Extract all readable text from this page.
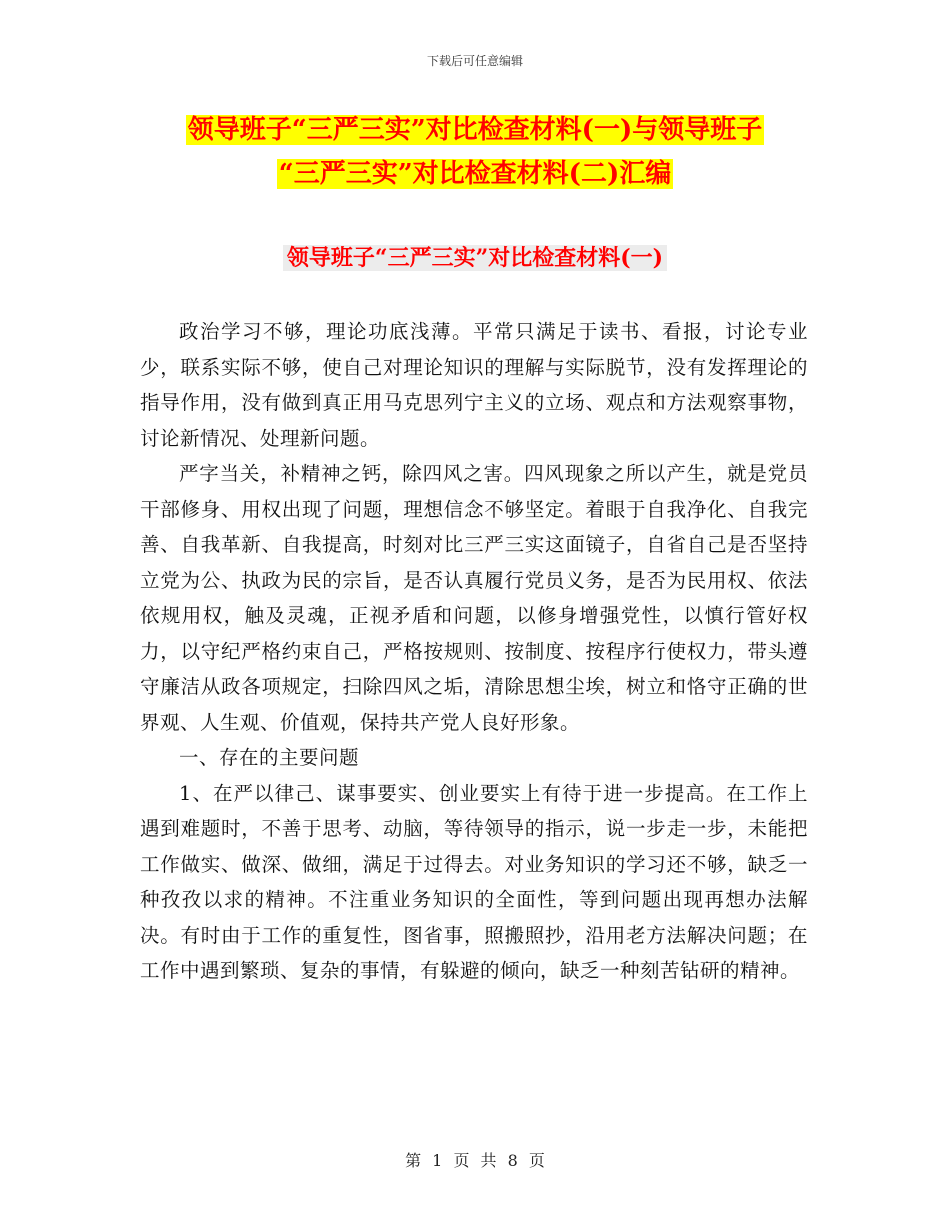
下载后可任意编辑
领导班子“三严三实”对比检查材料(一)与领导班子
“三严三实”对比检查材料(二)汇编
领导班子“三严三实”对比检查材料(一)

政治学习不够，理论功底浅薄。平常只满足于读书、看报，讨论专业少，联系实际不够，使自己对理论知识的理解与实际脱节，没有发挥理论的指导作用，没有做到真正用马克思列宁主义的立场、观点和方法观察事物，讨论新情况、处理新问题。

严字当关，补精神之钙，除四风之害。四风现象之所以产生，就是党员干部修身、用权出现了问题，理想信念不够坚定。着眼于自我净化、自我完善、自我革新、自我提高，时刻对比三严三实这面镜子，自省自己是否坚持立党为公、执政为民的宗旨，是否认真履行党员义务，是否为民用权、依法依规用权，触及灵魂，正视矛盾和问题，以修身增强党性，以慎行管好权力，以守纪严格约束自己，严格按规则、按制度、按程序行使权力，带头遵守廉洁从政各项规定，扫除四风之垢，清除思想尘埃，树立和恪守正确的世界观、人生观、价值观，保持共产党人良好形象。

一、存在的主要问题

1、在严以律己、谋事要实、创业要实上有待于进一步提高。在工作上遇到难题时，不善于思考、动脑，等待领导的指示，说一步走一步，未能把工作做实、做深、做细，满足于过得去。对业务知识的学习还不够，缺乏一种孜孜以求的精神。不注重业务知识的全面性，等到问题出现再想办法解决。有时由于工作的重复性，图省事，照搬照抄，沿用老方法解决问题；在工作中遇到繁琐、复杂的事情，有躲避的倾向，缺乏一种刻苦钻研的精神。

第 1 页 共 8 页
